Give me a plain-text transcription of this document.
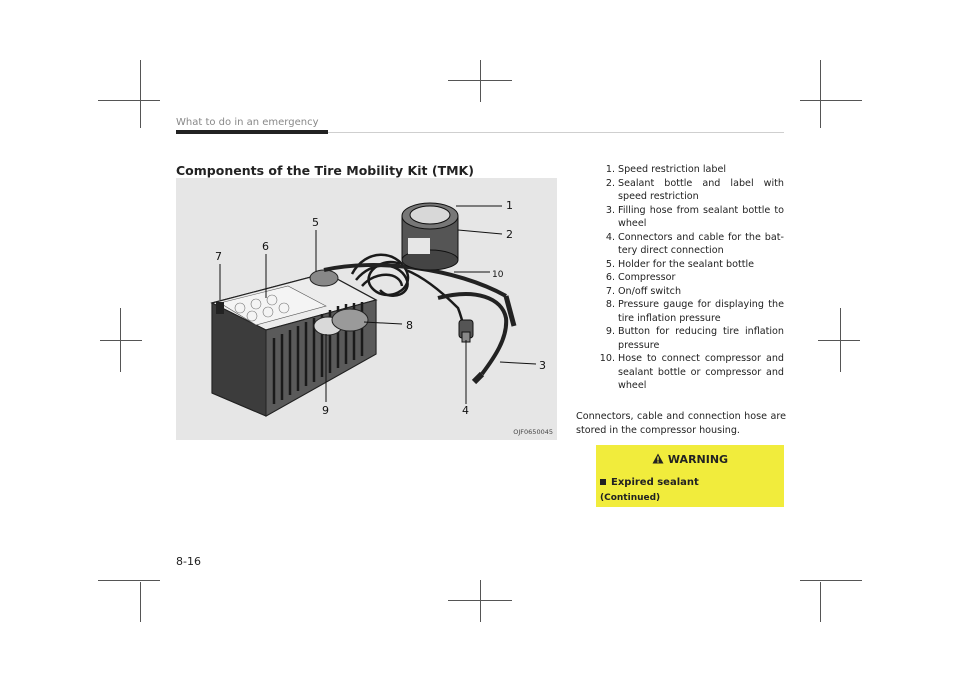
What to do in an emergency
Components of the Tire Mobility Kit (TMK)
1
2
3
4
5
6
7
8
9
10
OJF0650045
1. Speed restriction label
2. Sealant bottle and label with speed restriction
3. Filling hose from sealant bottle to wheel
4. Connectors and cable for the bat-tery direct connection
5. Holder for the sealant bottle
6. Compressor
7. On/off switch
8. Pressure gauge for displaying the tire inflation pressure
9. Button for reducing tire inflation pressure
10. Hose to connect compressor and sealant bottle or compressor and wheel
Connectors, cable and connection hose are stored in the compressor housing.
WARNING
Expired sealant
(Continued)
8-16
